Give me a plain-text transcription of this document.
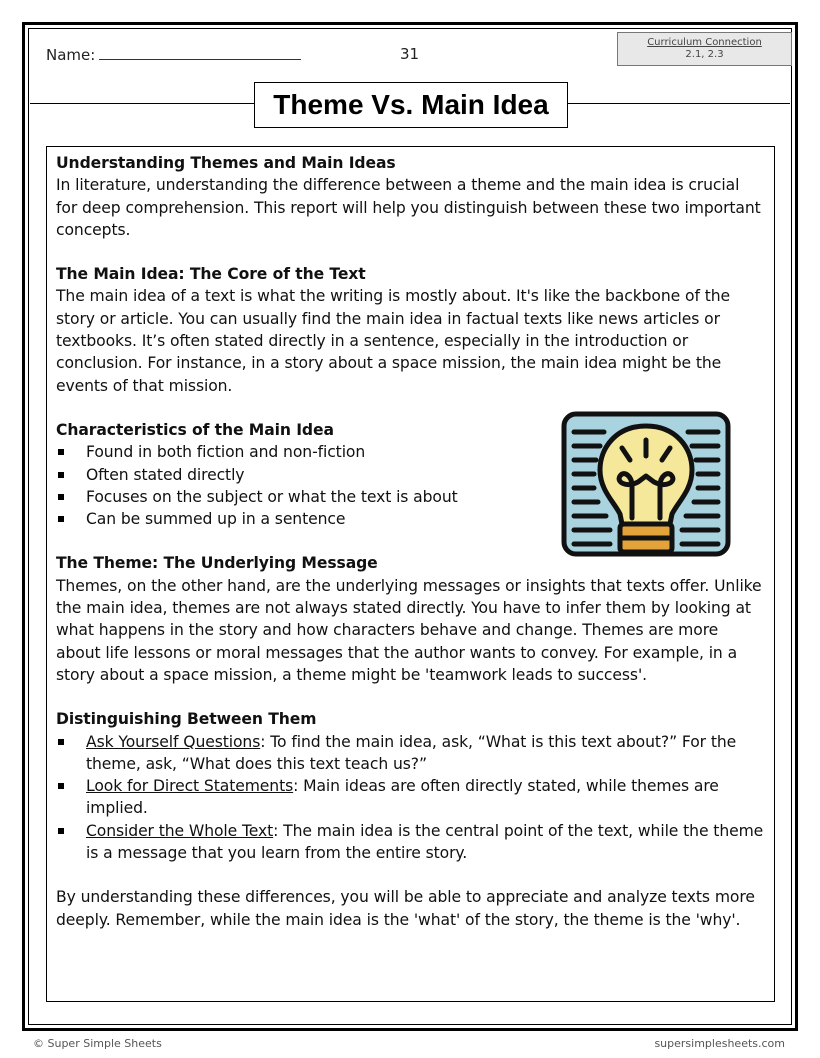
Name:	31
Curriculum Connection
2.1, 2.3
Theme Vs. Main Idea

Understanding Themes and Main Ideas

In literature, understanding the difference between a theme and the main idea is crucial for deep comprehension. This report will help you distinguish between these two important concepts.

The Main Idea: The Core of the Text

The main idea of a text is what the writing is mostly about. It's like the backbone of the story or article. You can usually find the main idea in factual texts like news articles or textbooks. It’s often stated directly in a sentence, especially in the introduction or conclusion. For instance, in a story about a space mission, the main idea might be the events of that mission.

Characteristics of the Main Idea

Found in both fiction and non-fiction
Often stated directly
Focuses on the subject or what the text is about
Can be summed up in a sentence

The Theme: The Underlying Message

Themes, on the other hand, are the underlying messages or insights that texts offer. Unlike the main idea, themes are not always stated directly. You have to infer them by looking at what happens in the story and how characters behave and change. Themes are more about life lessons or moral messages that the author wants to convey. For example, in a story about a space mission, a theme might be 'teamwork leads to success'.

Distinguishing Between Them

Ask Yourself Questions: To find the main idea, ask, “What is this text about?” For the theme, ask, “What does this text teach us?”
Look for Direct Statements: Main ideas are often directly stated, while themes are implied.
Consider the Whole Text: The main idea is the central point of the text, while the theme is a message that you learn from the entire story.

By understanding these differences, you will be able to appreciate and analyze texts more deeply. Remember, while the main idea is the 'what' of the story, the theme is the 'why'.

© Super Simple Sheets	supersimplesheets.com
